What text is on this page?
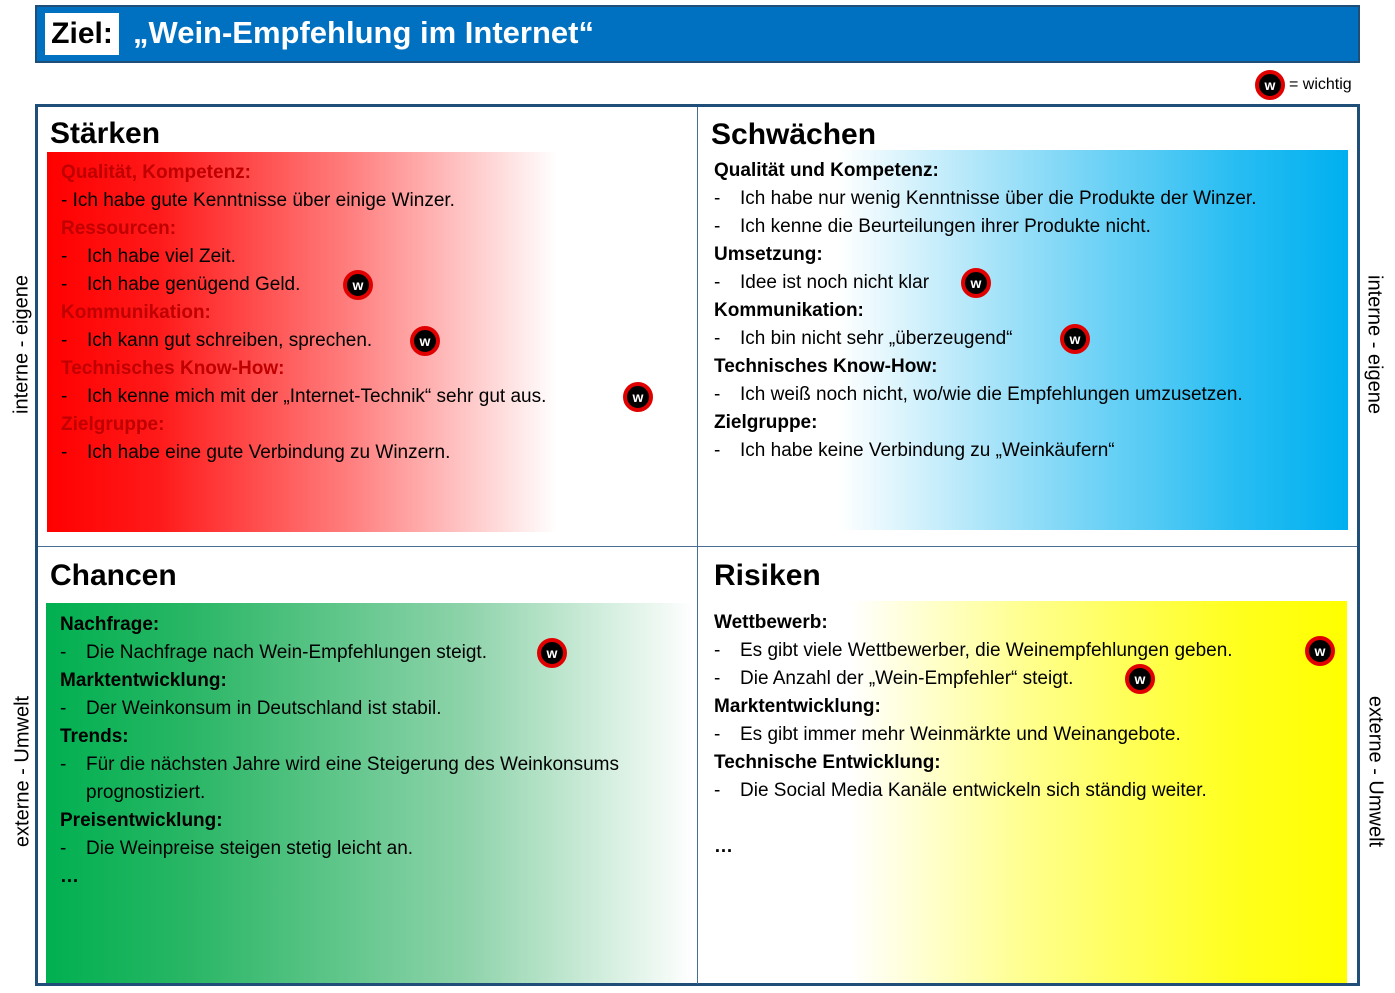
Ziel: „Wein-Empfehlung im Internet“
w = wichtig
interne - eigene
externe - Umwelt
interne - eigene
externe - Umwelt
Stärken	Schwächen
Chancen	Risiken
Qualität, Kompetenz:
- Ich habe gute Kenntnisse über einige Winzer.
Ressourcen:
- Ich habe viel Zeit.
- Ich habe genügend Geld.	w
Kommunikation:
- Ich kann gut schreiben, sprechen.	w
Technisches Know-How:
- Ich kenne mich mit der „Internet-Technik“ sehr gut aus.	w
Zielgruppe:
- Ich habe eine gute Verbindung zu Winzern.
Qualität und Kompetenz:
- Ich habe nur wenig Kenntnisse über die Produkte der Winzer.
- Ich kenne die Beurteilungen ihrer Produkte nicht.
Umsetzung:
- Idee ist noch nicht klar	w
Kommunikation:
- Ich bin nicht sehr „überzeugend“	w
Technisches Know-How:
- Ich weiß noch nicht, wo/wie die Empfehlungen umzusetzen.
Zielgruppe:
- Ich habe keine Verbindung zu „Weinkäufern“
Nachfrage:
- Die Nachfrage nach Wein-Empfehlungen steigt.	w
Marktentwicklung:
- Der Weinkonsum in Deutschland ist stabil.
Trends:
- Für die nächsten Jahre wird eine Steigerung des Weinkonsums
prognostiziert.
Preisentwicklung:
- Die Weinpreise steigen stetig leicht an.
…
Wettbewerb:
- Es gibt viele Wettbewerber, die Weinempfehlungen geben.	w
- Die Anzahl der „Wein-Empfehler“ steigt.	w
Marktentwicklung:
- Es gibt immer mehr Weinmärkte und Weinangebote.
Technische Entwicklung:
- Die Social Media Kanäle entwickeln sich ständig weiter.
…
